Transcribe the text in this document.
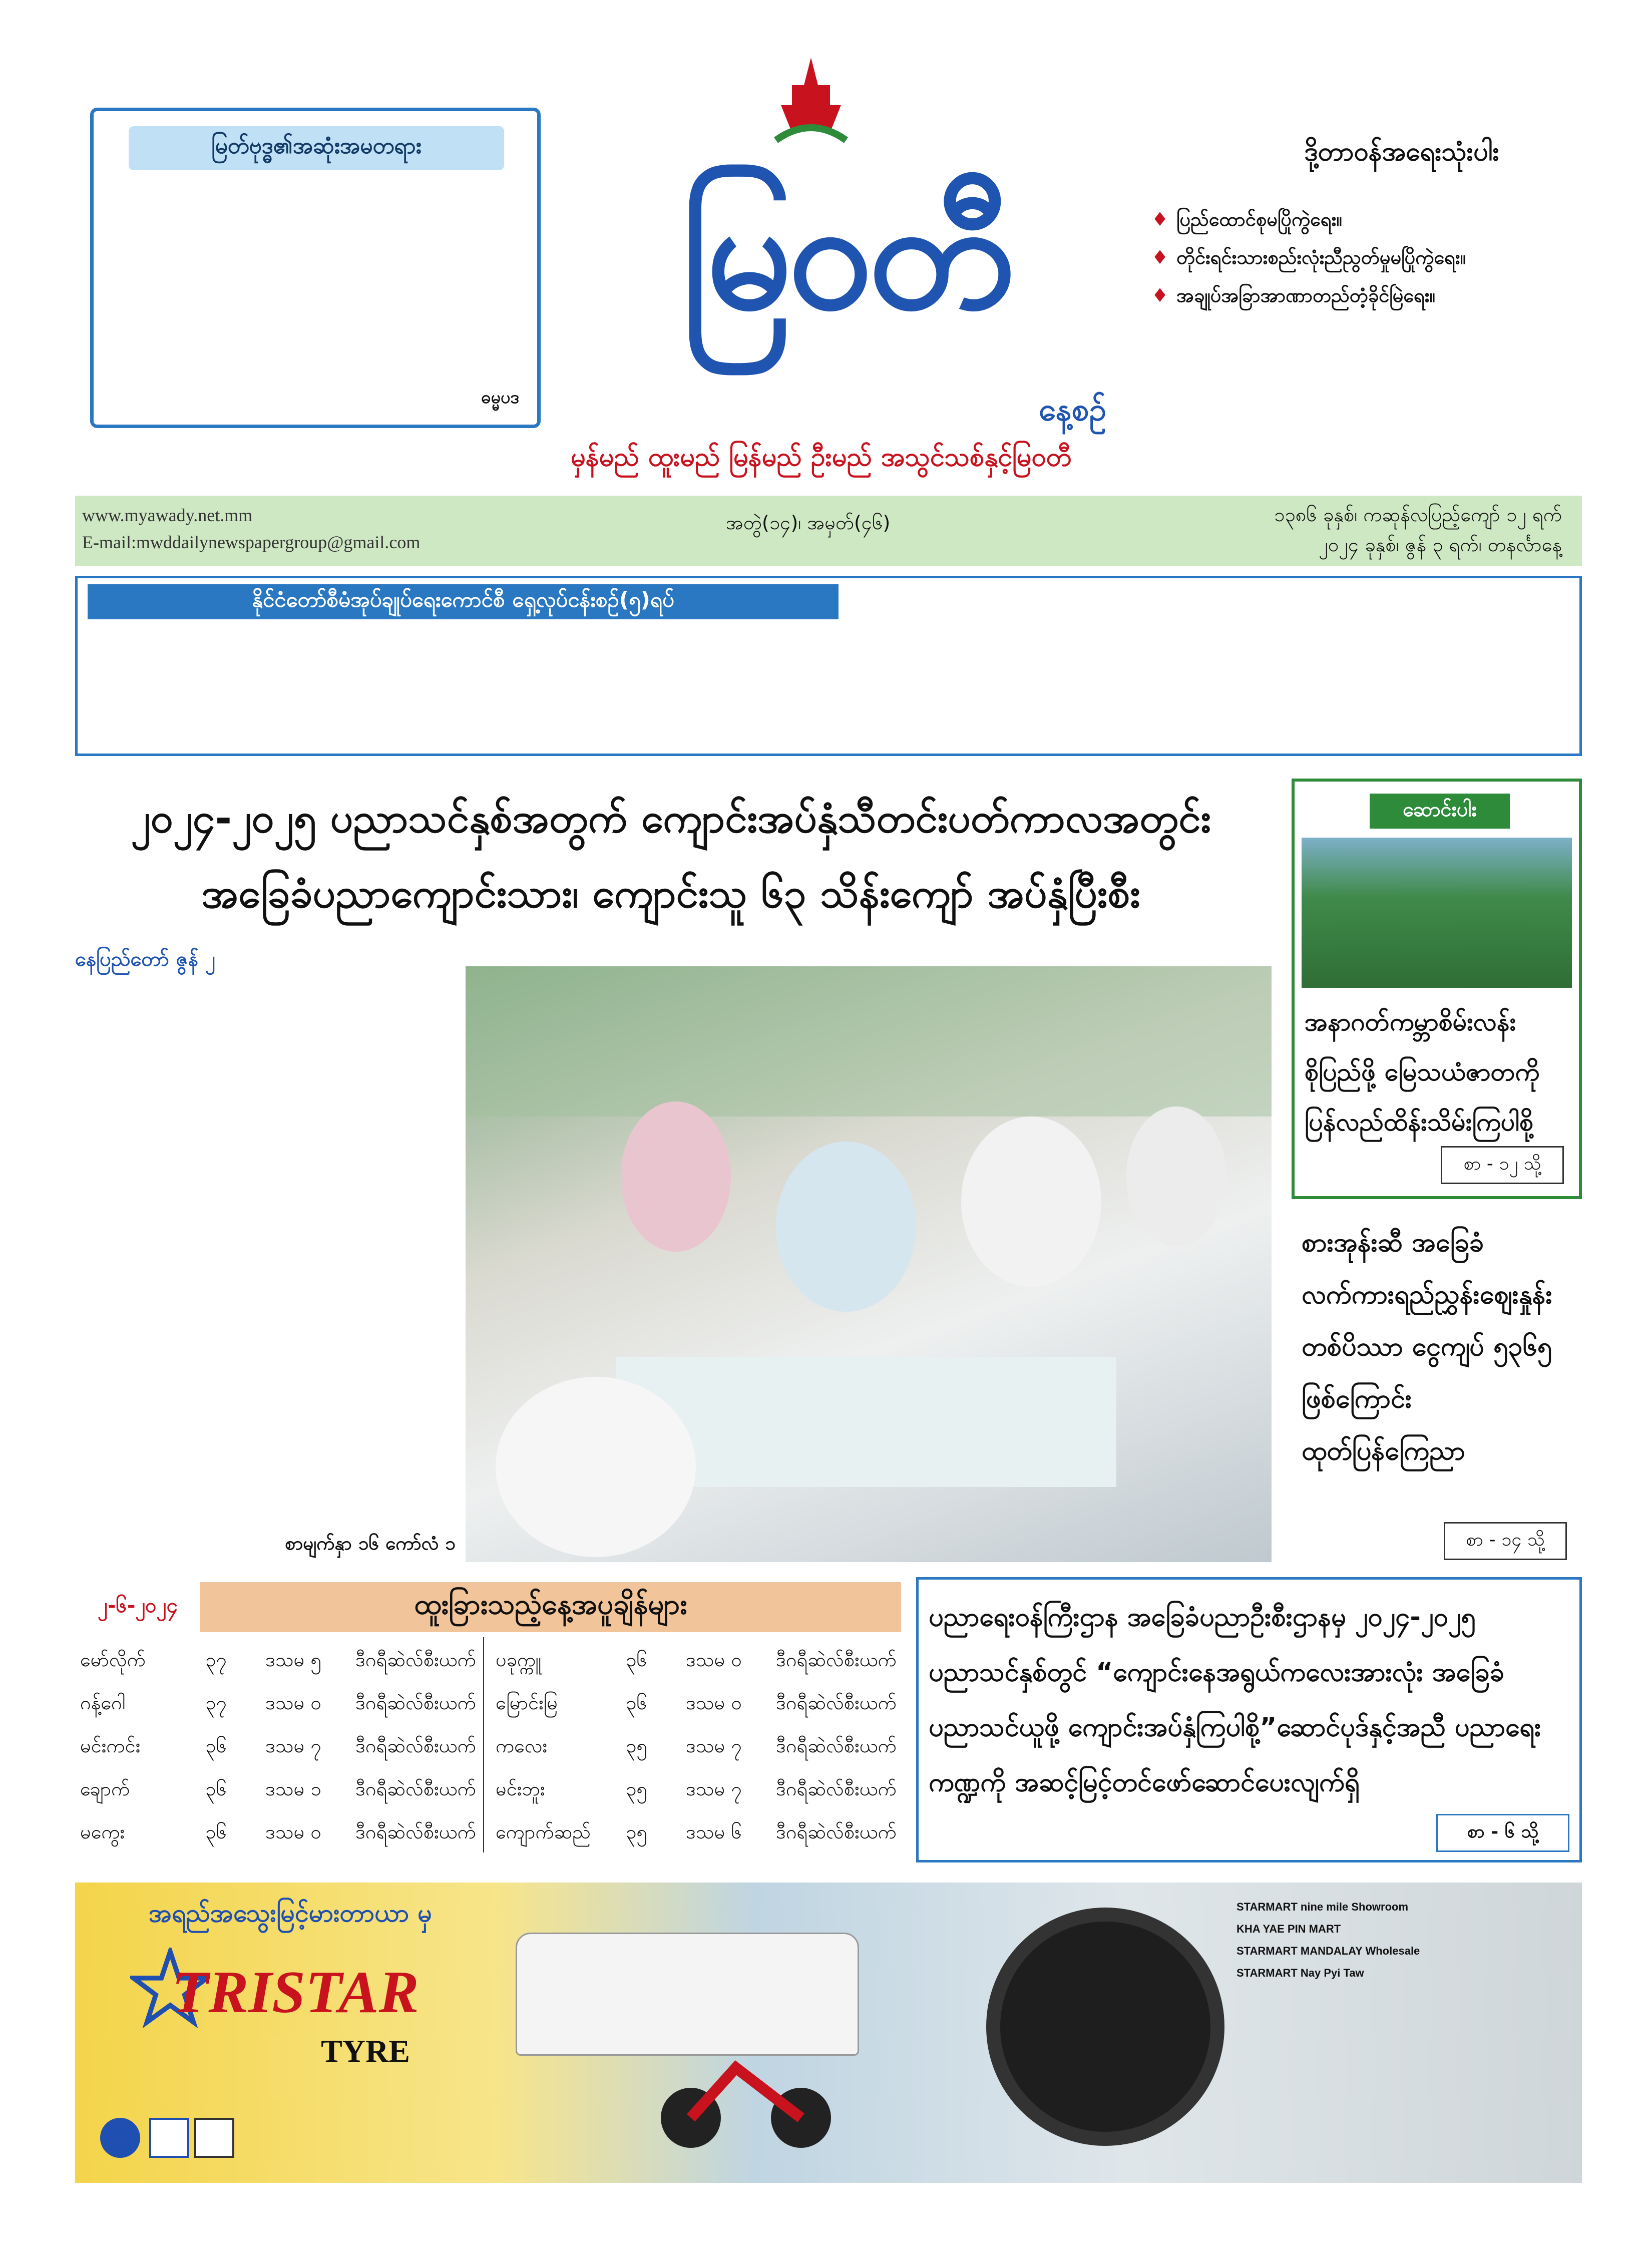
မြတ်ဗုဒ္ဓ၏အဆုံးအမတရား
ဓမ္မပဒ
မြဝတီ
နေ့စဉ်
မှန်မည် ထူးမည် မြန်မည် ဦးမည် အသွင်သစ်နှင့်မြဝတီ
ဒို့တာဝန်အရေးသုံးပါး
♦ ပြည်ထောင်စုမပြိုကွဲရေး။
♦ တိုင်းရင်းသားစည်းလုံးညီညွတ်မှုမပြိုကွဲရေး။
♦ အချုပ်အခြာအာဏာတည်တံ့ခိုင်မြဲရေး။
www.myawady.net.mm
E-mail:mwddailynewspapergroup@gmail.com
အတွဲ(၁၄)၊ အမှတ်(၄၆)	၁၃၈၆ ခုနှစ်၊ ကဆုန်လပြည့်ကျော် ၁၂ ရက်
၂၀၂၄ ခုနှစ်၊ ဇွန် ၃ ရက်၊ တနင်္လာနေ့
နိုင်ငံတော်စီမံအုပ်ချုပ်ရေးကောင်စီ ရှေ့လုပ်ငန်းစဉ်(၅)ရပ်
၂၀၂၄-၂၀၂၅ ပညာသင်နှစ်အတွက် ကျောင်းအပ်နှံသီတင်းပတ်ကာလအတွင်း
အခြေခံပညာကျောင်းသား၊ ကျောင်းသူ ၆၃ သိန်းကျော် အပ်နှံပြီးစီး
နေပြည်တော် ဇွန် ၂
စာမျက်နှာ ၁၆ ကော်လံ ၁
ဆောင်းပါး
အနာဂတ်ကမ္ဘာစိမ်းလန်း စိုပြည်ဖို့ မြေသယံဇာတကို ပြန်လည်ထိန်းသိမ်းကြပါစို့
စာ - ၁၂ သို့
စားအုန်းဆီ အခြေခံ လက်ကားရည်ညွှန်းဈေးနှုန်း တစ်ပိဿာ ငွေကျပ် ၅၃၆၅ ဖြစ်ကြောင်း ထုတ်ပြန်ကြေညာ
စာ - ၁၄ သို့
၂-၆-၂၀၂၄	ထူးခြားသည့်နေ့အပူချိန်များ
မော်လိုက်	၃၇ ဒသမ ၅ ဒီဂရီဆဲလ်စီးယက် ပခုက္ကူ	၃၆ ဒသမ ဝ ဒီဂရီဆဲလ်စီးယက်
ဂန့်ဂေါ	၃၇ ဒသမ ဝ ဒီဂရီဆဲလ်စီးယက် မြောင်းမြ	၃၆ ဒသမ ဝ ဒီဂရီဆဲလ်စီးယက်
မင်းကင်း	၃၆ ဒသမ ၇ ဒီဂရီဆဲလ်စီးယက် ကလေး	၃၅ ဒသမ ၇ ဒီဂရီဆဲလ်စီးယက်
ချောက်	၃၆ ဒသမ ၁ ဒီဂရီဆဲလ်စီးယက် မင်းဘူး	၃၅ ဒသမ ၇ ဒီဂရီဆဲလ်စီးယက်
မကွေး	၃၆ ဒသမ ဝ ဒီဂရီဆဲလ်စီးယက် ကျောက်ဆည် ၃၅ ဒသမ ၆ ဒီဂရီဆဲလ်စီးယက်
ပညာရေးဝန်ကြီးဌာန အခြေခံပညာဦးစီးဌာနမှ ၂၀၂၄-၂၀၂၅ ပညာသင်နှစ်တွင် “ကျောင်းနေအရွယ်ကလေးအားလုံး အခြေခံ ပညာသင်ယူဖို့ ကျောင်းအပ်နှံကြပါစို့”ဆောင်ပုဒ်နှင့်အညီ ပညာရေး ကဏ္ဍကို အဆင့်မြင့်တင်ဖော်ဆောင်ပေးလျက်ရှိ
စာ - ၆ သို့
အရည်အသွေးမြင့်မားတာယာ မှ
TRISTAR
TYRE
STARMART nine mile Showroom
KHA YAE PIN MART
STARMART MANDALAY Wholesale
STARMART Nay Pyi Taw
